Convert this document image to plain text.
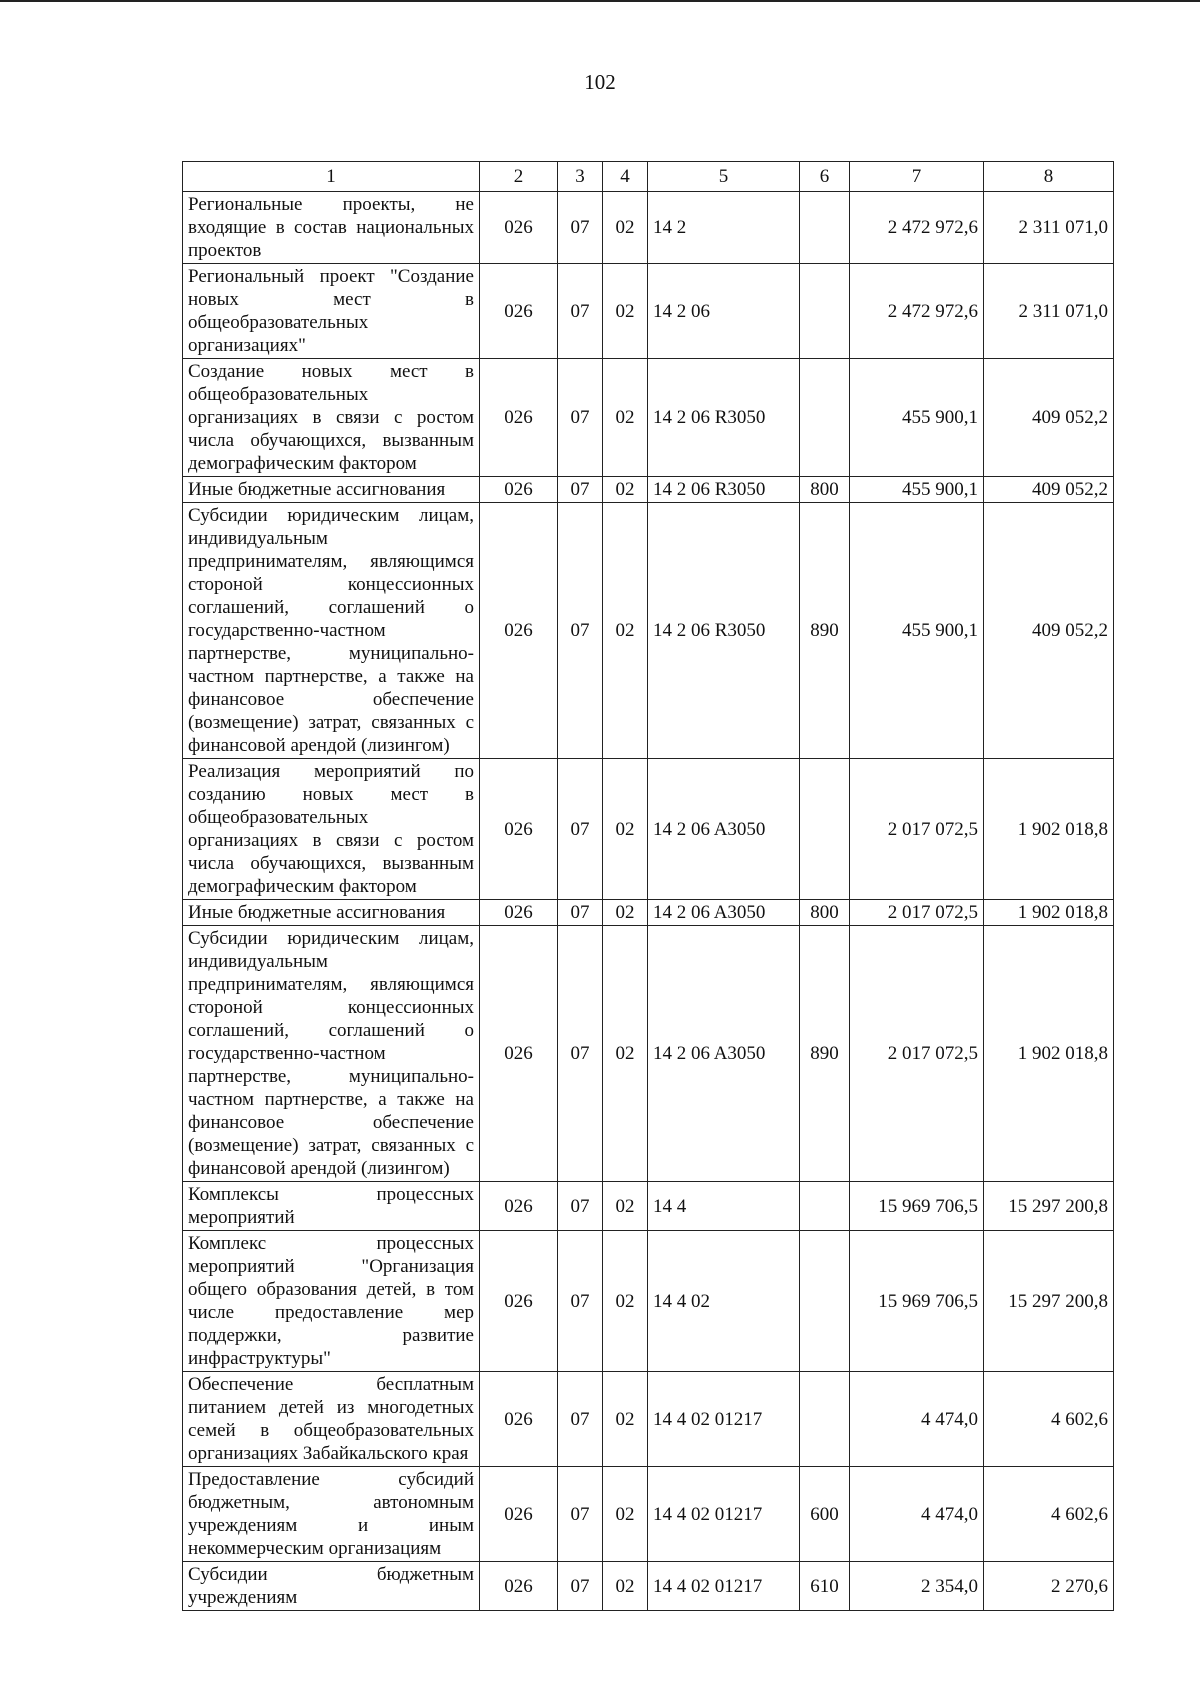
102
1	2	3	4	5	6	7	8
Региональные проекты, не входящие в состав национальных проектов	026	07	02	14 2		2 472 972,6	2 311 071,0
Региональный проект "Создание новых мест в общеобразовательных организациях"	026	07	02	14 2 06		2 472 972,6	2 311 071,0
Создание новых мест в общеобразовательных организациях в связи с ростом числа обучающихся, вызванным демографическим фактором	026	07	02	14 2 06 R3050		455 900,1	409 052,2
Иные бюджетные ассигнования	026	07	02	14 2 06 R3050	800	455 900,1	409 052,2
Субсидии юридическим лицам, индивидуальным предпринимателям, являющимся стороной концессионных соглашений, соглашений о государственно-частном партнерстве, муниципально-частном партнерстве, а также на финансовое обеспечение (возмещение) затрат, связанных с финансовой арендой (лизингом)	026	07	02	14 2 06 R3050	890	455 900,1	409 052,2
Реализация мероприятий по созданию новых мест в общеобразовательных организациях в связи с ростом числа обучающихся, вызванным демографическим фактором	026	07	02	14 2 06 A3050		2 017 072,5	1 902 018,8
Иные бюджетные ассигнования	026	07	02	14 2 06 A3050	800	2 017 072,5	1 902 018,8
Субсидии юридическим лицам, индивидуальным предпринимателям, являющимся стороной концессионных соглашений, соглашений о государственно-частном партнерстве, муниципально-частном партнерстве, а также на финансовое обеспечение (возмещение) затрат, связанных с финансовой арендой (лизингом)	026	07	02	14 2 06 A3050	890	2 017 072,5	1 902 018,8
Комплексы процессных мероприятий	026	07	02	14 4		15 969 706,5	15 297 200,8
Комплекс процессных мероприятий "Организация общего образования детей, в том числе предоставление мер поддержки, развитие инфраструктуры"	026	07	02	14 4 02		15 969 706,5	15 297 200,8
Обеспечение бесплатным питанием детей из многодетных семей в общеобразовательных организациях Забайкальского края	026	07	02	14 4 02 01217		4 474,0	4 602,6
Предоставление субсидий бюджетным, автономным учреждениям и иным некоммерческим организациям	026	07	02	14 4 02 01217	600	4 474,0	4 602,6
Субсидии бюджетным учреждениям	026	07	02	14 4 02 01217	610	2 354,0	2 270,6
